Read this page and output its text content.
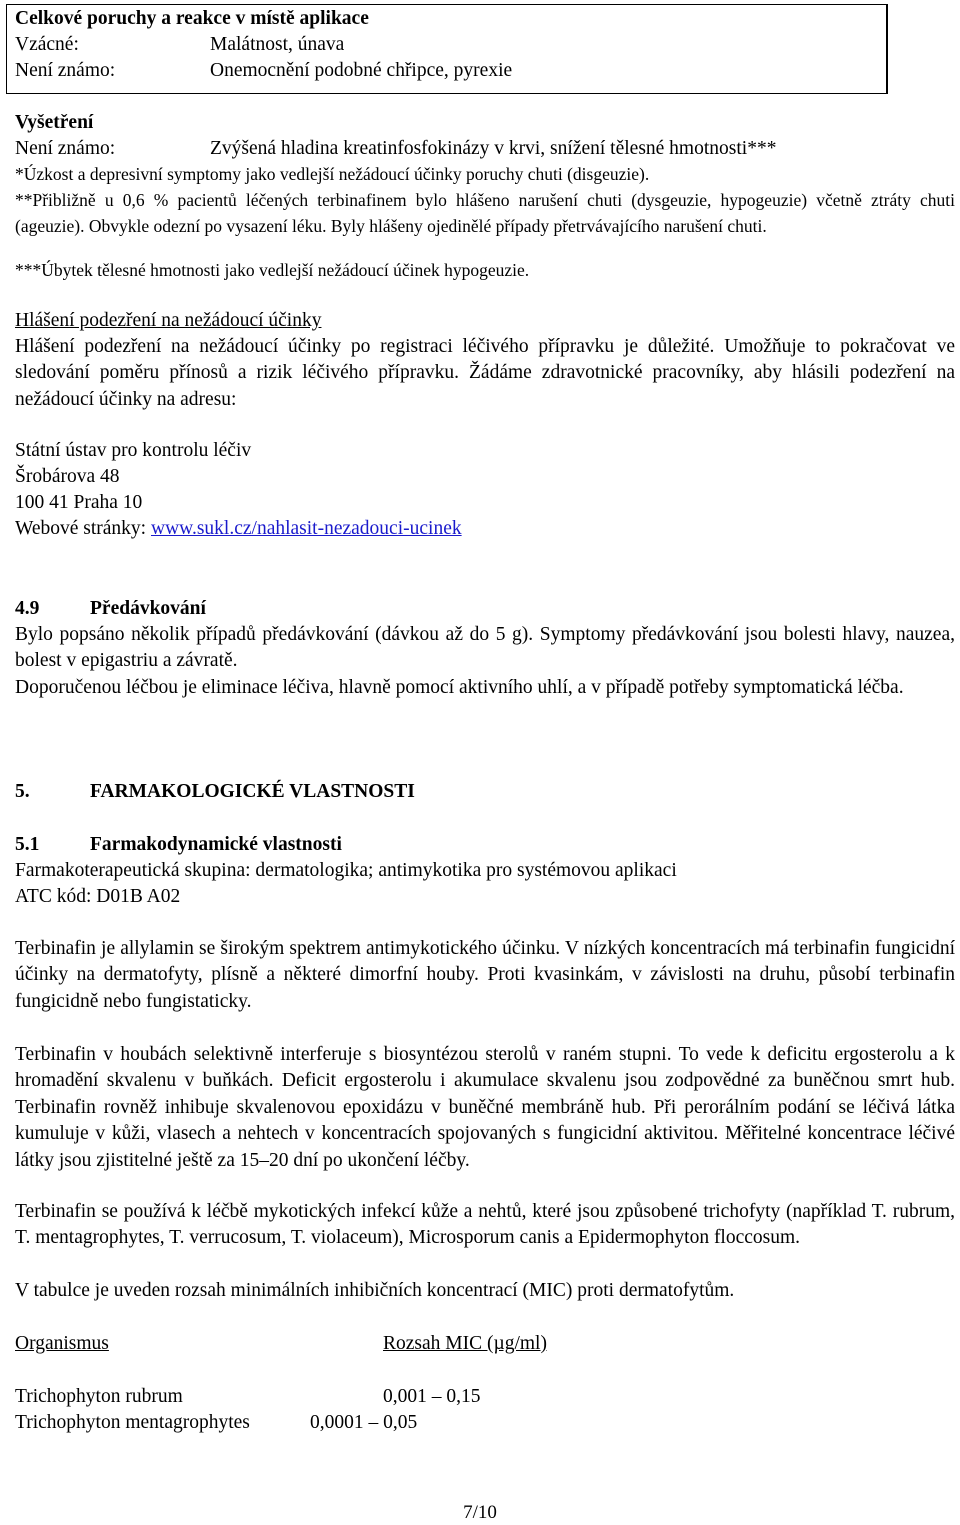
Celkové poruchy a reakce v místě aplikace
Vzácné:	Malátnost, únava
Není známo:	Onemocnění podobné chřipce, pyrexie
Vyšetření
Není známo:	Zvýšená hladina kreatinfosfokinázy v krvi, snížení tělesné hmotnosti***
*Úzkost a depresivní symptomy jako vedlejší nežádoucí účinky poruchy chuti (disgeuzie).
**Přibližně u 0,6 % pacientů léčených terbinafinem bylo hlášeno narušení chuti (dysgeuzie, hypogeuzie) včetně ztráty chuti (ageuzie). Obvykle odezní po vysazení léku. Byly hlášeny ojedinělé případy přetrvávajícího narušení chuti.
***Úbytek tělesné hmotnosti jako vedlejší nežádoucí účinek hypogeuzie.
Hlášení podezření na nežádoucí účinky
Hlášení podezření na nežádoucí účinky po registraci léčivého přípravku je důležité. Umožňuje to pokračovat ve sledování poměru přínosů a rizik léčivého přípravku. Žádáme zdravotnické pracovníky, aby hlásili podezření na nežádoucí účinky na adresu:
Státní ústav pro kontrolu léčiv
Šrobárova 48
100 41 Praha 10
Webové stránky: www.sukl.cz/nahlasit-nezadouci-ucinek
4.9	Předávkování
Bylo popsáno několik případů předávkování (dávkou až do 5 g). Symptomy předávkování jsou bolesti hlavy, nauzea, bolest v epigastriu a závratě.
Doporučenou léčbou je eliminace léčiva, hlavně pomocí aktivního uhlí, a v případě potřeby symptomatická léčba.
5.	FARMAKOLOGICKÉ VLASTNOSTI
5.1	Farmakodynamické vlastnosti
Farmakoterapeutická skupina: dermatologika; antimykotika pro systémovou aplikaci
ATC kód: D01B A02
Terbinafin je allylamin se širokým spektrem antimykotického účinku. V nízkých koncentracích má terbinafin fungicidní účinky na dermatofyty, plísně a některé dimorfní houby. Proti kvasinkám, v závislosti na druhu, působí terbinafin fungicidně nebo fungistaticky.
Terbinafin v houbách selektivně interferuje s biosyntézou sterolů v raném stupni. To vede k deficitu ergosterolu a k hromadění skvalenu v buňkách. Deficit ergosterolu i akumulace skvalenu jsou zodpovědné za buněčnou smrt hub. Terbinafin rovněž inhibuje skvalenovou epoxidázu v buněčné membráně hub. Při perorálním podání se léčivá látka kumuluje v kůži, vlasech a nehtech v koncentracích spojovaných s fungicidní aktivitou. Měřitelné koncentrace léčivé látky jsou zjistitelné ještě za 15–20 dní po ukončení léčby.
Terbinafin se používá k léčbě mykotických infekcí kůže a nehtů, které jsou způsobené trichofyty (například T. rubrum, T. mentagrophytes, T. verrucosum, T. violaceum), Microsporum canis a Epidermophyton floccosum.
V tabulce je uveden rozsah minimálních inhibičních koncentrací (MIC) proti dermatofytům.
Organismus	Rozsah MIC (µg/ml)
Trichophyton rubrum	0,001 – 0,15
Trichophyton mentagrophytes	0,0001 – 0,05
7/10
